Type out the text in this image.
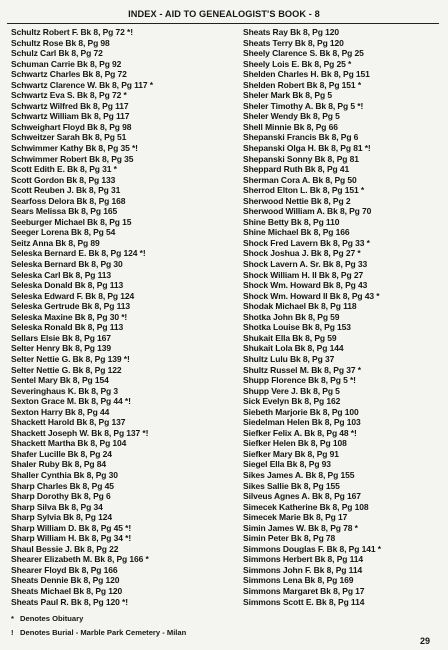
INDEX - AID TO GENEALOGIST'S BOOK - 8
Schultz Robert F. Bk 8, Pg 72 *!
Schultz Rose Bk 8, Pg 98
Schulz Carl Bk 8, Pg 72
Schuman Carrie Bk 8, Pg 92
Schwartz Charles Bk 8, Pg 72
Schwartz Clarence W. Bk 8, Pg 117 *
Schwartz Eva S. Bk 8, Pg 72 *
Schwartz Wilfred Bk 8, Pg 117
Schwartz William Bk 8, Pg 117
Schweighart Floyd Bk 8, Pg 98
Schweitzer Sarah Bk 8, Pg 51
Schwimmer Kathy Bk 8, Pg 35 *!
Schwimmer Robert Bk 8, Pg 35
Scott Edith E. Bk 8, Pg 31 *
Scott Gordon Bk 8, Pg 133
Scott Reuben J. Bk 8, Pg 31
Searfoss Delora Bk 8, Pg 168
Sears Melissa Bk 8, Pg 165
Seeburger Michael Bk 8, Pg 15
Seeger Lorena Bk 8, Pg 54
Seitz Anna Bk 8, Pg 89
Seleska Bernard E. Bk 8, Pg 124 *!
Seleska Bernard Bk 8, Pg 30
Seleska Carl Bk 8, Pg 113
Seleska Donald Bk 8, Pg 113
Seleska Edward F. Bk 8, Pg 124
Seleska Gertrude Bk 8, Pg 113
Seleska Maxine Bk 8, Pg 30 *!
Seleska Ronald Bk 8, Pg 113
Sellars Elsie Bk 8, Pg 167
Selter Henry Bk 8, Pg 139
Selter Nettie G. Bk 8, Pg 139 *!
Selter Nettie G. Bk 8, Pg 122
Sentel Mary Bk 8, Pg 154
Severinghaus K. Bk 8, Pg 3
Sexton Grace M. Bk 8, Pg 44 *!
Sexton Harry Bk 8, Pg 44
Shackett Harold Bk 8, Pg 137
Shackett Joseph W. Bk 8, Pg 137 *!
Shackett Martha Bk 8, Pg 104
Shafer Lucille Bk 8, Pg 24
Shaler Ruby Bk 8, Pg 84
Shaller Cynthia Bk 8, Pg 30
Sharp Charles Bk 8, Pg 45
Sharp Dorothy Bk 8, Pg 6
Sharp Silva Bk 8, Pg 34
Sharp Sylvia Bk 8, Pg 124
Sharp William D. Bk 8, Pg 45 *!
Sharp William H. Bk 8, Pg 34 *!
Shaul Bessie J. Bk 8, Pg 22
Shearer Elizabeth M. Bk 8, Pg 166 *
Shearer Floyd Bk 8, Pg 166
Sheats Dennie Bk 8, Pg 120
Sheats Michael Bk 8, Pg 120
Sheats Paul R. Bk 8, Pg 120 *!
Sheats Ray Bk 8, Pg 120
Sheats Terry Bk 8, Pg 120
Sheely Clarence S. Bk 8, Pg 25
Sheely Lois E. Bk 8, Pg 25 *
Shelden Charles H. Bk 8, Pg 151
Shelden Robert Bk 8, Pg 151 *
Sheler Mark Bk 8, Pg 5
Sheler Timothy A. Bk 8, Pg 5 *!
Sheler Wendy Bk 8, Pg 5
Shell Minnie Bk 8, Pg 66
Shepanski Francis Bk 8, Pg 6
Shepanski Olga H. Bk 8, Pg 81 *!
Shepanski Sonny Bk 8, Pg 81
Sheppard Ruth Bk 8, Pg 41
Sherman Cora A. Bk 8, Pg 50
Sherrod Elton L. Bk 8, Pg 151 *
Sherwood Nettie Bk 8, Pg 2
Sherwood William A. Bk 8, Pg 70
Shine Betty Bk 8, Pg 110
Shine Michael Bk 8, Pg 166
Shock Fred Lavern Bk 8, Pg 33 *
Shock Joshua J. Bk 8, Pg 27 *
Shock Lavern A. Sr. Bk 8, Pg 33
Shock William H. II Bk 8, Pg 27
Shock Wm. Howard Bk 8, Pg 43
Shock Wm. Howard II Bk 8, Pg 43 *
Shodak Michael Bk 8, Pg 118
Shotka John Bk 8, Pg 59
Shotka Louise Bk 8, Pg 153
Shukait Ella Bk 8, Pg 59
Shukait Lola Bk 8, Pg 144
Shultz Lulu Bk 8, Pg 37
Shultz Russel M. Bk 8, Pg 37 *
Shupp Florence Bk 8, Pg 5 *!
Shupp Vere J. Bk 8, Pg 5
Sick Evelyn Bk 8, Pg 162
Siebeth Marjorie Bk 8, Pg 100
Siedelman Helen Bk 8, Pg 103
Siefker Felix A. Bk 8, Pg 48 *!
Siefker Helen Bk 8, Pg 108
Siefker Mary Bk 8, Pg 91
Siegel Ella Bk 8, Pg 93
Sikes James A. Bk 8, Pg 155
Sikes Sallie Bk 8, Pg 155
Silveus Agnes A. Bk 8, Pg 167
Simecek Katherine Bk 8, Pg 108
Simecek Marie Bk 8, Pg 17
Simin James W. Bk 8, Pg 78 *
Simin Peter Bk 8, Pg 78
Simmons Douglas F. Bk 8, Pg 141 *
Simmons Herbert Bk 8, Pg 114
Simmons John F. Bk 8, Pg 114
Simmons Lena Bk 8, Pg 169
Simmons Margaret Bk 8, Pg 17
Simmons Scott E. Bk 8, Pg 114
* Denotes Obituary
! Denotes Burial - Marble Park Cemetery - Milan
29
